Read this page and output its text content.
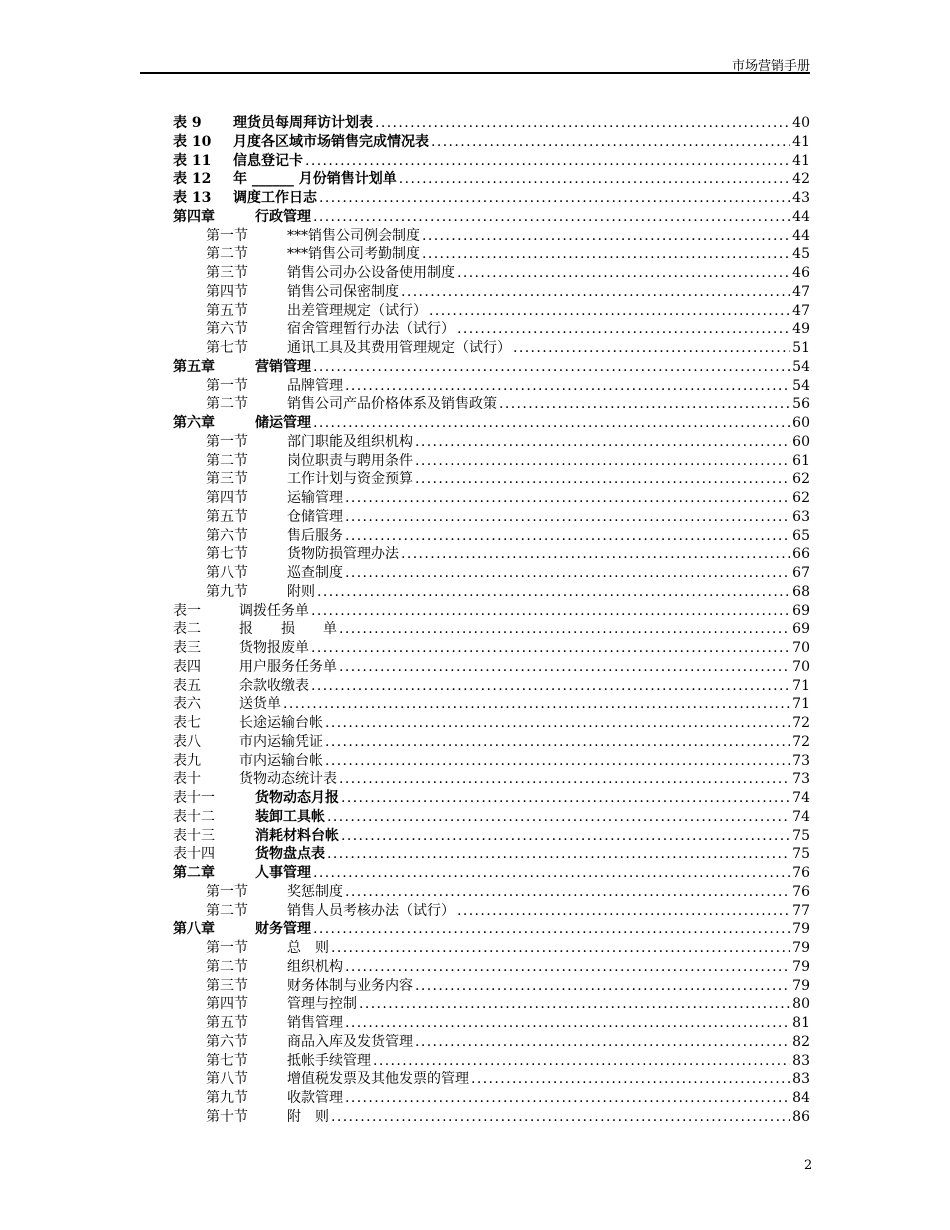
市场营销手册
表 9	理货员每周拜访计划表 .....	40
表 10	月度各区域市场销售完成情况表 .....	41
表 11	信息登记卡 .....	41
表 12	年 ______ 月份销售计划单 .....	42
表 13	调度工作日志 .....	43
第四章	行政管理 .....	44
第一节	***销售公司例会制度 .....	44
第二节	***销售公司考勤制度 .....	45
第三节	销售公司办公设备使用制度 .....	46
第四节	销售公司保密制度 .....	47
第五节	出差管理规定（试行） .....	47
第六节	宿舍管理暂行办法（试行） .....	49
第七节	通讯工具及其费用管理规定（试行） .....	51
第五章	营销管理 .....	54
第一节	品牌管理 .....	54
第二节	销售公司产品价格体系及销售政策 .....	56
第六章	储运管理 .....	60
第一节	部门职能及组织机构 .....	60
第二节	岗位职责与聘用条件 .....	61
第三节	工作计划与资金预算 .....	62
第四节	运输管理 .....	62
第五节	仓储管理 .....	63
第六节	售后服务 .....	65
第七节	货物防损管理办法 .....	66
第八节	巡查制度 .....	67
第九节	附则 .....	68
表一	调拨任务单 .....	69
表二	报　　损　　单 .....	69
表三	货物报废单 .....	70
表四	用户服务任务单 .....	70
表五	余款收缴表 .....	71
表六	送货单 .....	71
表七	长途运输台帐 .....	72
表八	市内运输凭证 .....	72
表九	市内运输台帐 .....	73
表十	货物动态统计表 .....	73
表十一	货物动态月报 .....	74
表十二	装卸工具帐 .....	74
表十三	消耗材料台帐 .....	75
表十四	货物盘点表 .....	75
第二章	人事管理 .....	76
第一节	奖惩制度 .....	76
第二节	销售人员考核办法（试行） .....	77
第八章	财务管理 .....	79
第一节	总　则 .....	79
第二节	组织机构 .....	79
第三节	财务体制与业务内容 .....	79
第四节	管理与控制 .....	80
第五节	销售管理 .....	81
第六节	商品入库及发货管理 .....	82
第七节	抵帐手续管理 .....	83
第八节	增值税发票及其他发票的管理 .....	83
第九节	收款管理 .....	84
第十节	附　则 .....	86
2
